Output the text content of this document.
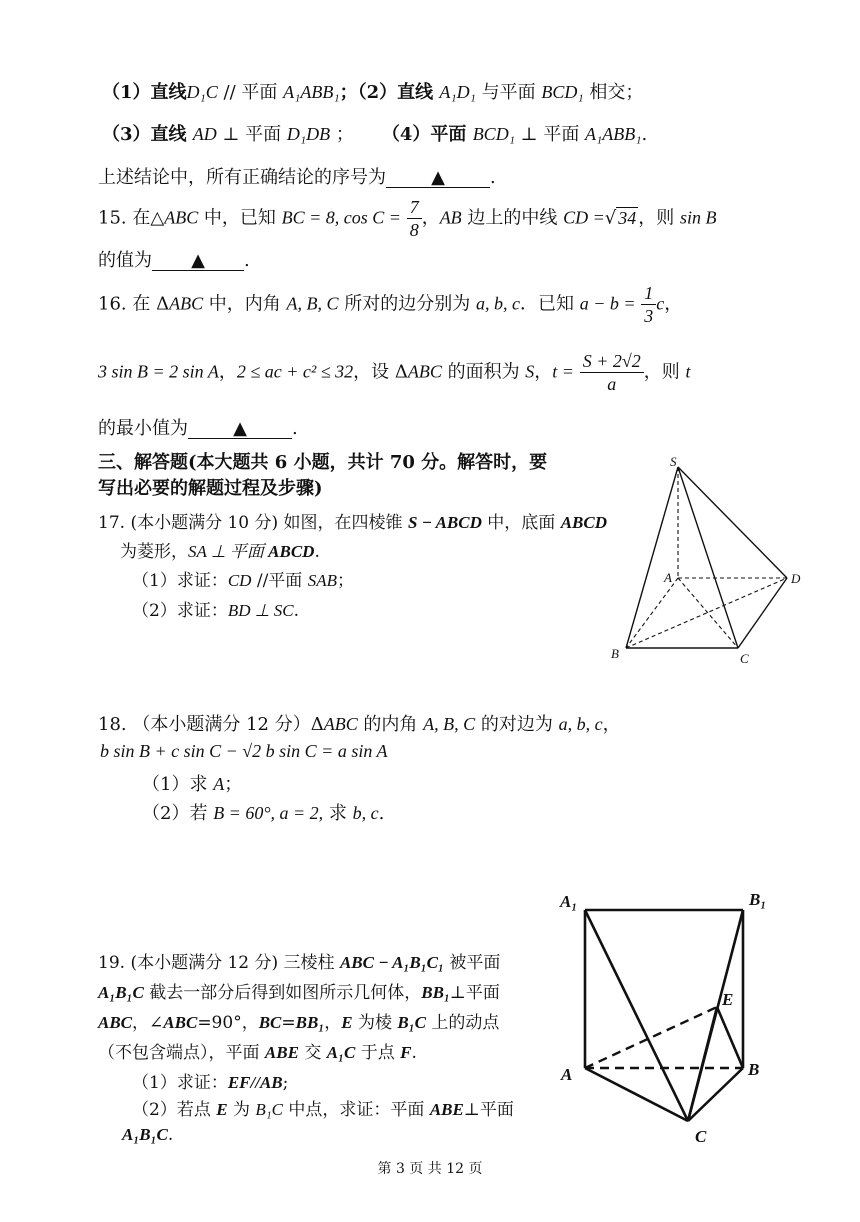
（1）直线D₁C // 平面 A₁ABB₁；（2）直线 A₁D₁ 与平面 BCD₁ 相交；
（3）直线 AD ⊥ 平面 D₁DB ； （4）平面 BCD₁ ⊥ 平面 A₁ABB₁.
上述结论中，所有正确结论的序号为	▲	.
15. 在△ABC 中，已知 BC = 8, $\cos C = \frac{7}{8}$ ，AB 边上的中线 CD =√ 34 ，则 sin B
的值为 ▲ .
16. 在 ΔABC 中，内角 A, B, C 所对的边分别为 a, b, c．已知 $a - b = \frac{1}{3}$ c，
3 sin B = 2 sin A，2 ≤ ac + c² ≤ 32，设 ΔABC 的面积为 S，$t = \frac{S + 2√2}{a}$ ，则 t
的最小值为	▲	.
三、解答题(本大题共 6 小题，共计 70 分。解答时，要
写出必要的解题过程及步骤)
17. (本小题满分 10 分) 如图，在四棱锥 S − ABCD 中，底面 ABCD
为菱形，SA ⊥ 平面 ABCD.
（1）求证：CD //平面 SAB；
（2）求证：BD ⊥ SC.
S
A
B	C
D
18. （本小题满分 12 分）ΔABC 的内角 A, B, C 的对边为 a, b, c，
b sin B + c sin C − √2 b sin C = a sin A
（1）求 A；
（2）若 B = 60°, a = 2, 求 b, c.
19. (本小题满分 12 分) 三棱柱 ABC − A₁B₁C₁ 被平面
A₁B₁C 截去一部分后得到如图所示几何体，BB₁⊥平面
ABC，∠ABC=90°，BC=BB₁，E 为棱 B₁C 上的动点
（不包含端点），平面 ABE 交 A₁C 于点 F.
（1）求证：EF//AB;
（2）若点 E 为 B₁C 中点，求证：平面 ABE⊥平面
A₁B₁C.
A₁	B₁
E
A	B
C
第 3 页 共 12 页
